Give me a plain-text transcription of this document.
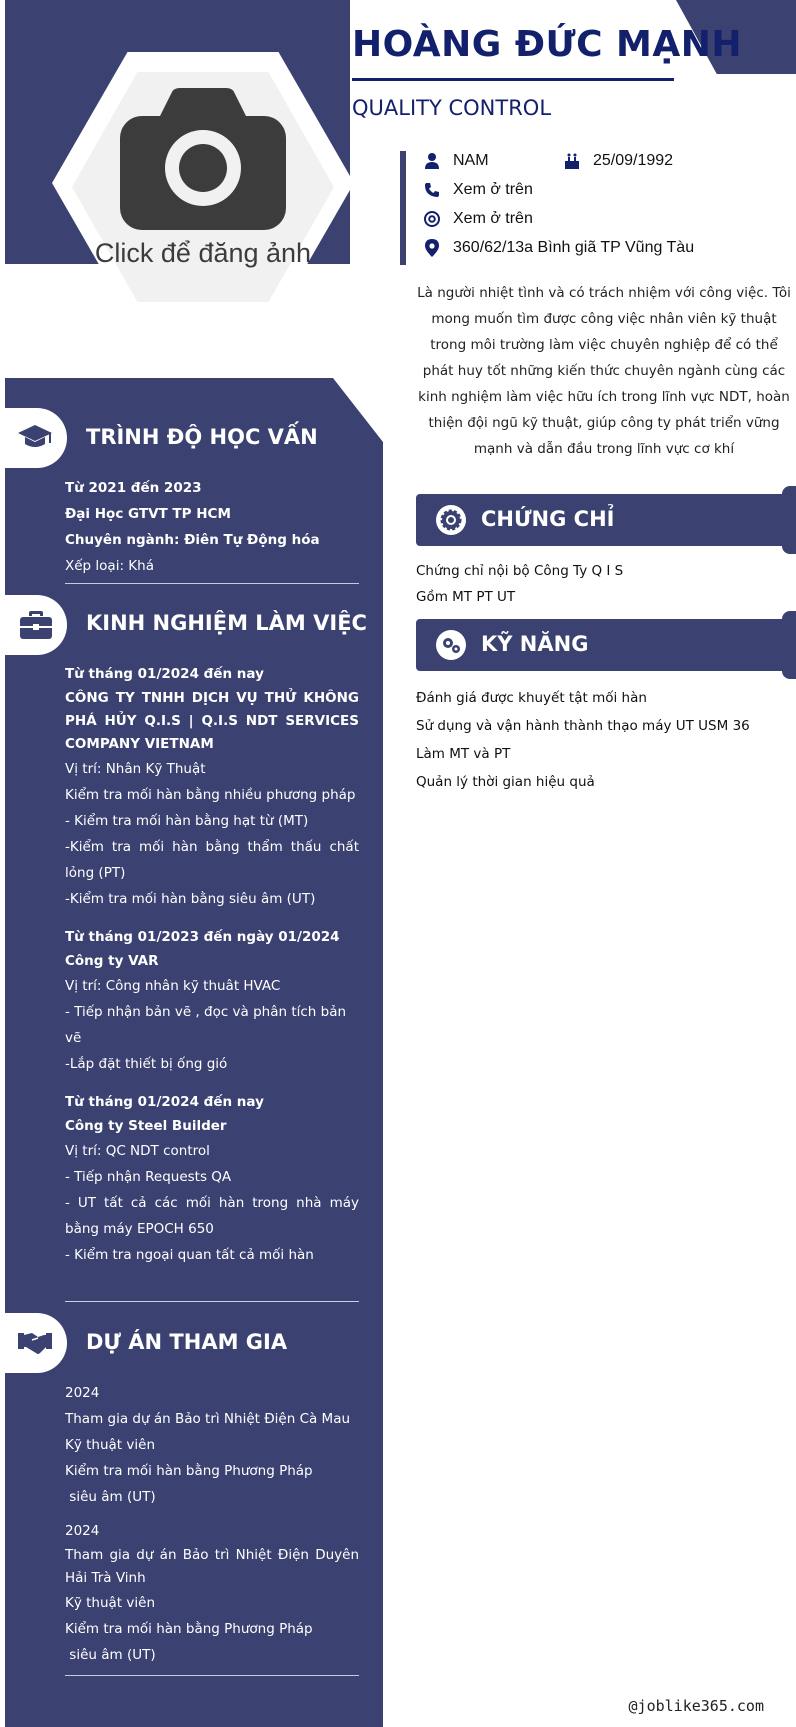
Click để đăng ảnh
HOÀNG ĐỨC MẠNH
QUALITY CONTROL
NAM	25/09/1992
Xem ở trên
Xem ở trên
360/62/13a Bình giã TP Vũng Tàu
Là người nhiệt tình và có trách nhiệm với công việc. Tôi mong muốn tìm được công việc nhân viên kỹ thuật trong môi trường làm việc chuyên nghiệp để có thể phát huy tốt những kiến thức chuyên ngành cùng các kinh nghiệm làm việc hữu ích trong lĩnh vực NDT, hoàn thiện đội ngũ kỹ thuật, giúp công ty phát triển vững mạnh và dẫn đầu trong lĩnh vực cơ khí
TRÌNH ĐỘ HỌC VẤN

Từ 2021 đến 2023

Đại Học GTVT TP HCM

Chuyên ngành: Điên Tự Động hóa

Xếp loại: Khá

KINH NGHIỆM LÀM VIỆC

Từ tháng 01/2024 đến nay

CÔNG TY TNHH DỊCH VỤ THỬ KHÔNG PHÁ HỦY Q.I.S | Q.I.S NDT SERVICES COMPANY VIETNAM

Vị trí: Nhân Kỹ Thuật

Kiểm tra mối hàn bằng nhiều phương pháp

- Kiểm tra mối hàn bằng hạt từ (MT)

-Kiểm tra mối hàn bằng thẩm thấu chất lỏng (PT)

-Kiểm tra mối hàn bằng siêu âm (UT)

Từ tháng 01/2023 đến ngày 01/2024

Công ty VAR

Vị trí: Công nhân kỹ thuât HVAC

- Tiếp nhận bản vẽ , đọc và phân tích bản vẽ

-Lắp đặt thiết bị ống gió

Từ tháng 01/2024 đến nay

Công ty Steel Builder

Vị trí: QC NDT control

- Tiếp nhận Requests QA

- UT tất cả các mối hàn trong nhà máy bằng máy EPOCH 650

- Kiểm tra ngoại quan tất cả mối hàn

DỰ ÁN THAM GIA

2024

Tham gia dự án Bảo trì Nhiệt Điện Cà Mau

Kỹ thuật viên

Kiểm tra mối hàn bằng Phương Pháp

siêu âm (UT)

2024

Tham gia dự án Bảo trì Nhiệt Điện Duyên Hải Trà Vinh

Kỹ thuật viên

Kiểm tra mối hàn bằng Phương Pháp

siêu âm (UT)

CHỨNG CHỈ

Chứng chỉ nội bộ Công Ty Q I S

Gồm MT PT UT

KỸ NĂNG

Đánh giá được khuyết tật mối hàn

Sử dụng và vận hành thành thạo máy UT USM 36

Làm MT và PT

Quản lý thời gian hiệu quả

@joblike365.com
